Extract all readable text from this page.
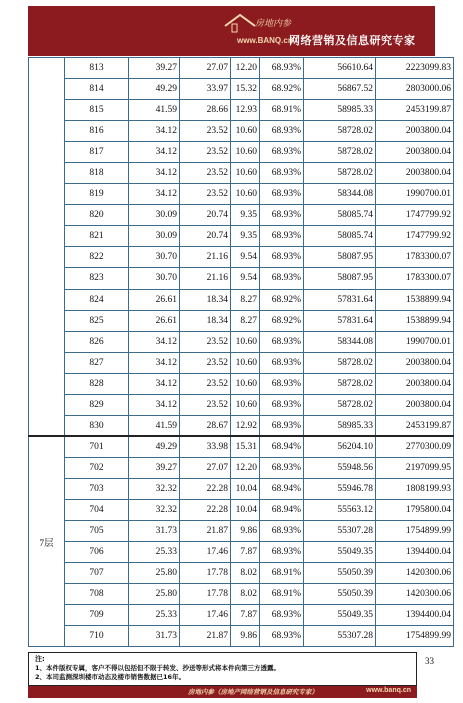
房地内参
www.BANQ.cn
网络营销及信息研究专家
	813	39.27	27.07	12.20	68.93%	56610.64	2223099.83
	814	49.29	33.97	15.32	68.92%	56867.52	2803000.06
	815	41.59	28.66	12.93	68.91%	58985.33	2453199.87
	816	34.12	23.52	10.60	68.93%	58728.02	2003800.04
	817	34.12	23.52	10.60	68.93%	58728.02	2003800.04
	818	34.12	23.52	10.60	68.93%	58728.02	2003800.04
	819	34.12	23.52	10.60	68.93%	58344.08	1990700.01
	820	30.09	20.74	9.35	68.93%	58085.74	1747799.92
	821	30.09	20.74	9.35	68.93%	58085.74	1747799.92
	822	30.70	21.16	9.54	68.93%	58087.95	1783300.07
	823	30.70	21.16	9.54	68.93%	58087.95	1783300.07
	824	26.61	18.34	8.27	68.92%	57831.64	1538899.94
	825	26.61	18.34	8.27	68.92%	57831.64	1538899.94
	826	34.12	23.52	10.60	68.93%	58344.08	1990700.01
	827	34.12	23.52	10.60	68.93%	58728.02	2003800.04
	828	34.12	23.52	10.60	68.93%	58728.02	2003800.04
	829	34.12	23.52	10.60	68.93%	58728.02	2003800.04
	830	41.59	28.67	12.92	68.93%	58985.33	2453199.87
7层	701	49.29	33.98	15.31	68.94%	56204.10	2770300.09
	702	39.27	27.07	12.20	68.93%	55948.56	2197099.95
	703	32.32	22.28	10.04	68.94%	55946.78	1808199.93
	704	32.32	22.28	10.04	68.94%	55563.12	1795800.04
	705	31.73	21.87	9.86	68.93%	55307.28	1754899.99
	706	25.33	17.46	7.87	68.93%	55049.35	1394400.04
	707	25.80	17.78	8.02	68.91%	55050.39	1420300.06
	708	25.80	17.78	8.02	68.91%	55050.39	1420300.06
	709	25.33	17.46	7.87	68.93%	55049.35	1394400.04
	710	31.73	21.87	9.86	68.93%	55307.28	1754899.99
注:

1、本件版权专属，客户不得以包括但不限于转发、抄送等形式将本件向第三方透露。

2、本司监测深圳楼市动态及楼市销售数据已16年。

33
房地内参（房地产网络营销及信息研究专家）	www.banq.cn
